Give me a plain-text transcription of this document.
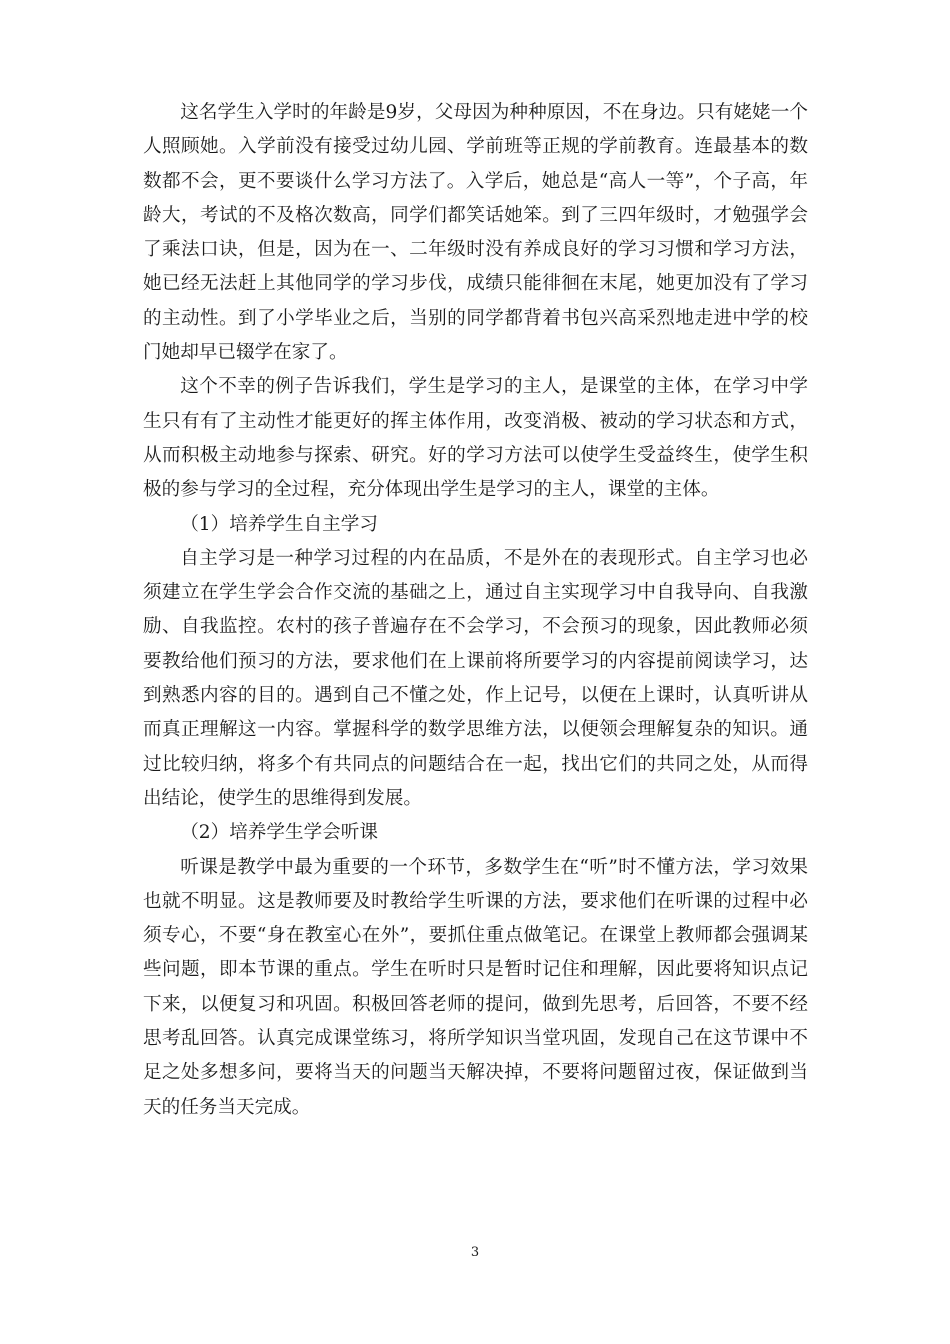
这名学生入学时的年龄是9岁，父母因为种种原因，不在身边。只有姥姥一个人照顾她。入学前没有接受过幼儿园、学前班等正规的学前教育。连最基本的数数都不会，更不要谈什么学习方法了。入学后，她总是“高人一等”，个子高，年龄大，考试的不及格次数高，同学们都笑话她笨。到了三四年级时，才勉强学会了乘法口诀，但是，因为在一、二年级时没有养成良好的学习习惯和学习方法，她已经无法赶上其他同学的学习步伐，成绩只能徘徊在末尾，她更加没有了学习的主动性。到了小学毕业之后，当别的同学都背着书包兴高采烈地走进中学的校门她却早已辍学在家了。

这个不幸的例子告诉我们，学生是学习的主人，是课堂的主体，在学习中学生只有有了主动性才能更好的挥主体作用，改变消极、被动的学习状态和方式，从而积极主动地参与探索、研究。好的学习方法可以使学生受益终生，使学生积极的参与学习的全过程，充分体现出学生是学习的主人，课堂的主体。

（1）培养学生自主学习

自主学习是一种学习过程的内在品质，不是外在的表现形式。自主学习也必须建立在学生学会合作交流的基础之上，通过自主实现学习中自我导向、自我激励、自我监控。农村的孩子普遍存在不会学习，不会预习的现象，因此教师必须要教给他们预习的方法，要求他们在上课前将所要学习的内容提前阅读学习，达到熟悉内容的目的。遇到自己不懂之处，作上记号，以便在上课时，认真听讲从而真正理解这一内容。掌握科学的数学思维方法，以便领会理解复杂的知识。通过比较归纳，将多个有共同点的问题结合在一起，找出它们的共同之处，从而得出结论，使学生的思维得到发展。

（2）培养学生学会听课

听课是教学中最为重要的一个环节，多数学生在“听”时不懂方法，学习效果也就不明显。这是教师要及时教给学生听课的方法，要求他们在听课的过程中必须专心，不要“身在教室心在外”，要抓住重点做笔记。在课堂上教师都会强调某些问题，即本节课的重点。学生在听时只是暂时记住和理解，因此要将知识点记下来，以便复习和巩固。积极回答老师的提问，做到先思考，后回答，不要不经思考乱回答。认真完成课堂练习，将所学知识当堂巩固，发现自己在这节课中不足之处多想多问，要将当天的问题当天解决掉，不要将问题留过夜，保证做到当天的任务当天完成。

3
